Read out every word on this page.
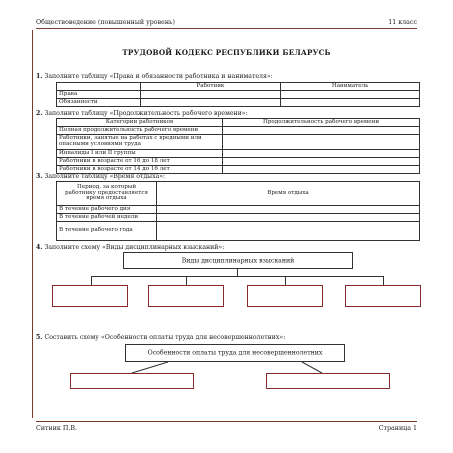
Обществоведение (повышенный уровень)	11 класс
ТРУДОВОЙ КОДЕКС РЕСПУБЛИКИ БЕЛАРУСЬ
1. Заполните таблицу «Права и обязанности работника и нанимателя»:
	Работник	Наниматель
Права		
Обязанности		
2. Заполните таблицу «Продолжительность рабочего времени»:
Категории работников	Продолжительность рабочего времени
Полная продолжительность рабочего времени	
Работники, занятые на работах с вредными или опасными условиями труда	
Инвалиды I или II группы	
Работники в возрасте от 16 до 18 лет	
Работники в возрасте от 14 до 16 лет	
3. Заполните таблицу «Время отдыха»:
Период, за который работнику предоставляется время отдыха	Время отдыха
В течение рабочего дня	
В течение рабочей недели	
В течение рабочего года	
4. Заполните схему «Виды дисциплинарных взысканий»:
Виды дисциплинарных взысканий
5. Составить схему «Особенности оплаты труда для несовершеннолетних»:
Особенности оплаты труда для несовершеннолетних
Ситник П.В.	Страница 1
